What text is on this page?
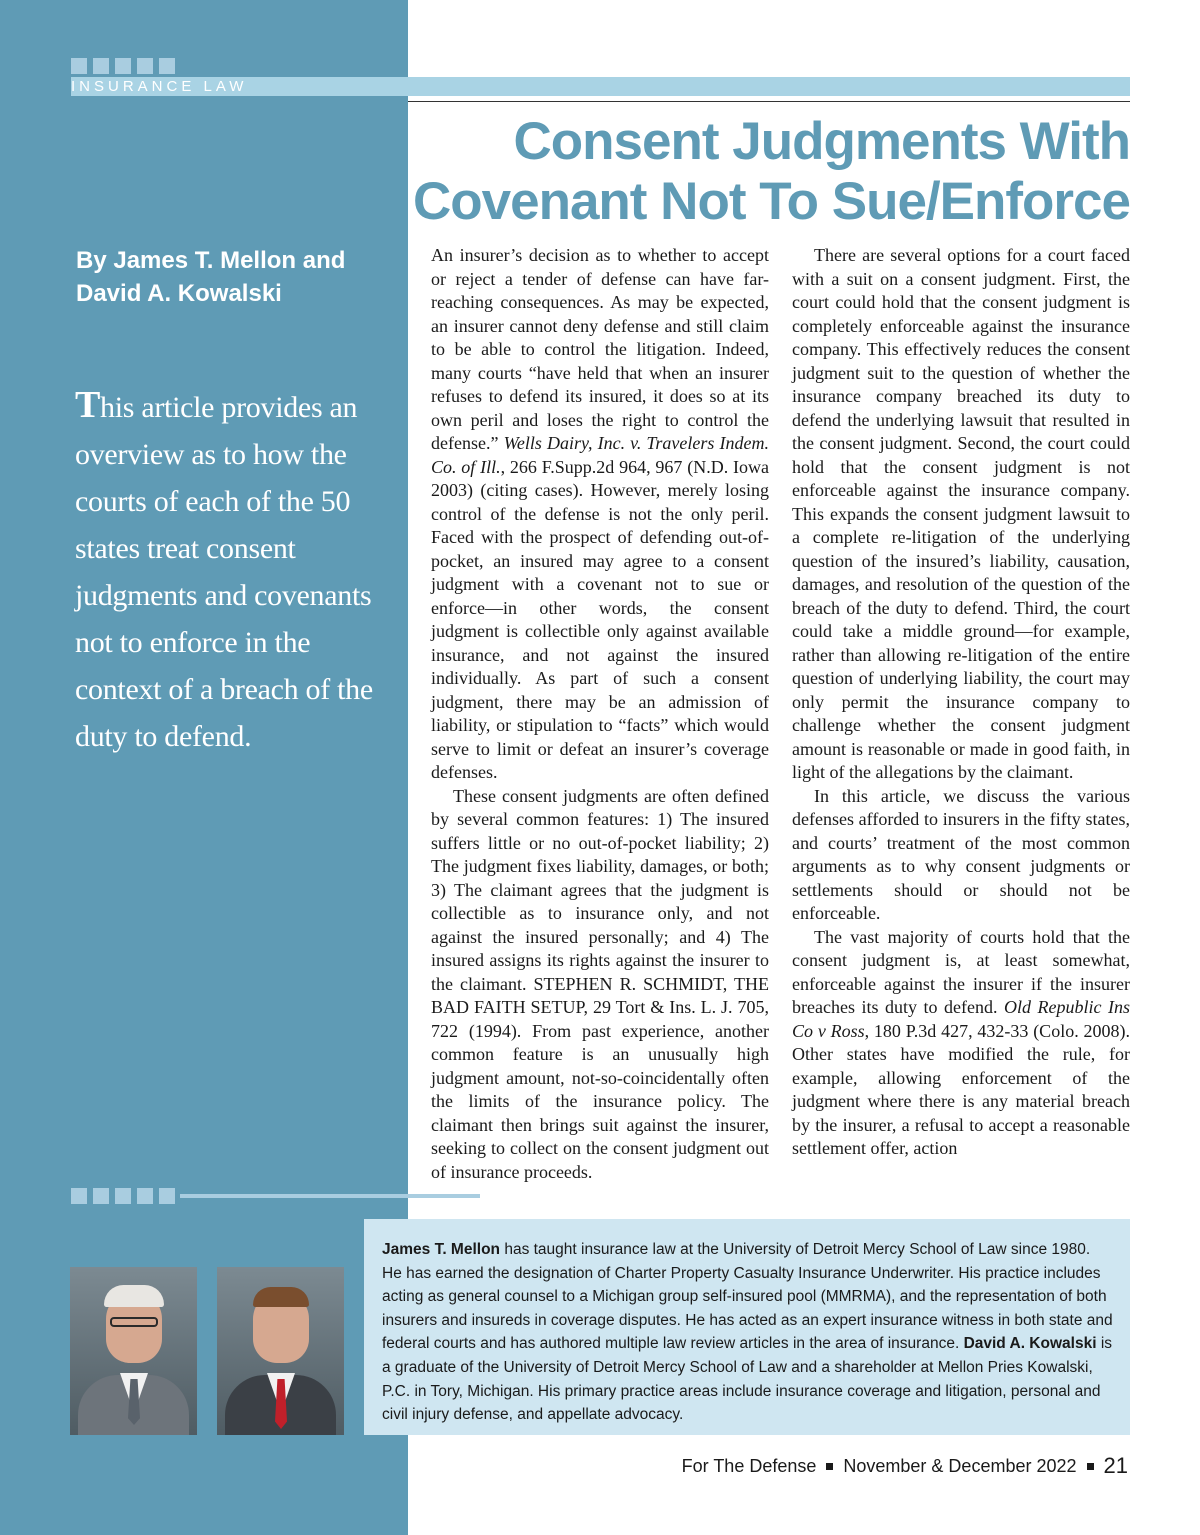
INSURANCE LAW
Consent Judgments With
Covenant Not To Sue/Enforce
By James T. Mellon and
David A. Kowalski

This article provides an overview as to how the courts of each of the 50 states treat consent judgments and covenants not to enforce in the context of a breach of the duty to defend.

An insurer’s decision as to whether to accept or reject a tender of defense can have far-reaching consequences. As may be expected, an insurer cannot deny defense and still claim to be able to control the litigation. Indeed, many courts “have held that when an insurer refuses to defend its insured, it does so at its own peril and loses the right to control the defense.” Wells Dairy, Inc. v. Travelers Indem. Co. of Ill., 266 F.Supp.2d 964, 967 (N.D. Iowa 2003) (citing cases). However, merely losing control of the defense is not the only peril. Faced with the prospect of defending out-of-pocket, an insured may agree to a consent judgment with a covenant not to sue or enforce—in other words, the consent judgment is collectible only against available insurance, and not against the insured individually. As part of such a consent judgment, there may be an admission of liability, or stipulation to “facts” which would serve to limit or defeat an insurer’s coverage defenses.

These consent judgments are often defined by several common features: 1) The insured suffers little or no out-of-pocket liability; 2) The judgment fixes liability, damages, or both; 3) The claimant agrees that the judgment is collectible as to insurance only, and not against the insured personally; and 4) The insured assigns its rights against the insurer to the claimant. STEPHEN R. SCHMIDT, THE BAD FAITH SETUP, 29 Tort & Ins. L. J. 705, 722 (1994). From past experience, another common feature is an unusually high judgment amount, not-so-coincidentally often the limits of the insurance policy. The claimant then brings suit against the insurer, seeking to collect on the consent judgment out of insurance proceeds.

There are several options for a court faced with a suit on a consent judgment. First, the court could hold that the consent judgment is completely enforceable against the insurance company. This effectively reduces the consent judgment suit to the question of whether the insurance company breached its duty to defend the underlying lawsuit that resulted in the consent judgment. Second, the court could hold that the consent judgment is not enforceable against the insurance company. This expands the consent judgment lawsuit to a complete re-litigation of the underlying question of the insured’s liability, causation, damages, and resolution of the question of the breach of the duty to defend. Third, the court could take a middle ground—for example, rather than allowing re-litigation of the entire question of underlying liability, the court may only permit the insurance company to challenge whether the consent judgment amount is reasonable or made in good faith, in light of the allegations by the claimant.

In this article, we discuss the various defenses afforded to insurers in the fifty states, and courts’ treatment of the most common arguments as to why consent judgments or settlements should or should not be enforceable.

The vast majority of courts hold that the consent judgment is, at least somewhat, enforceable against the insurer if the insurer breaches its duty to defend. Old Republic Ins Co v Ross, 180 P.3d 427, 432-33 (Colo. 2008). Other states have modified the rule, for example, allowing enforcement of the judgment where there is any material breach by the insurer, a refusal to accept a reasonable settlement offer, action

James T. Mellon has taught insurance law at the University of Detroit Mercy School of Law since 1980. He has earned the designation of Charter Property Casualty Insurance Underwriter. His practice includes acting as general counsel to a Michigan group self-insured pool (MMRMA), and the representation of both insurers and insureds in coverage disputes. He has acted as an expert insurance witness in both state and federal courts and has authored multiple law review articles in the area of insurance. David A. Kowalski is a graduate of the University of Detroit Mercy School of Law and a shareholder at Mellon Pries Kowalski, P.C. in Tory, Michigan. His primary practice areas include insurance coverage and litigation, personal and civil injury defense, and appellate advocacy.

For The Defense November & December 2022 21
